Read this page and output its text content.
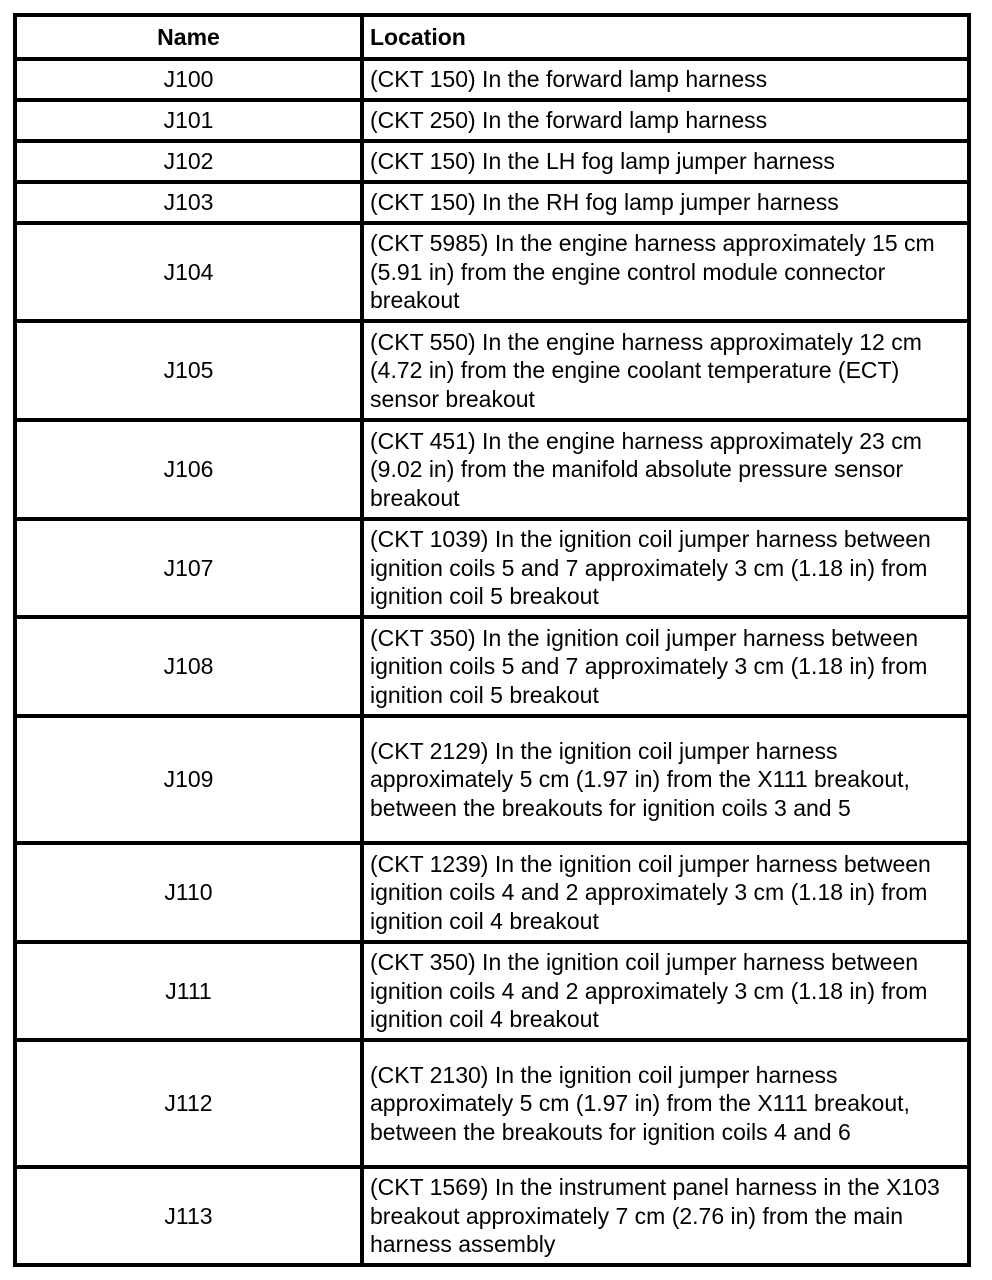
Name	Location
J100	(CKT 150) In the forward lamp harness
J101	(CKT 250) In the forward lamp harness
J102	(CKT 150) In the LH fog lamp jumper harness
J103	(CKT 150) In the RH fog lamp jumper harness
J104	(CKT 5985) In the engine harness approximately 15 cm (5.91 in) from the engine control module connector breakout
J105	(CKT 550) In the engine harness approximately 12 cm (4.72 in) from the engine coolant temperature (ECT) sensor breakout
J106	(CKT 451) In the engine harness approximately 23 cm (9.02 in) from the manifold absolute pressure sensor breakout
J107	(CKT 1039) In the ignition coil jumper harness between ignition coils 5 and 7 approximately 3 cm (1.18 in) from ignition coil 5 breakout
J108	(CKT 350) In the ignition coil jumper harness between ignition coils 5 and 7 approximately 3 cm (1.18 in) from ignition coil 5 breakout
J109	(CKT 2129) In the ignition coil jumper harness approximately 5 cm (1.97 in) from the X111 breakout, between the breakouts for ignition coils 3 and 5
J110	(CKT 1239) In the ignition coil jumper harness between ignition coils 4 and 2 approximately 3 cm (1.18 in) from ignition coil 4 breakout
J111	(CKT 350) In the ignition coil jumper harness between ignition coils 4 and 2 approximately 3 cm (1.18 in) from ignition coil 4 breakout
J112	(CKT 2130) In the ignition coil jumper harness approximately 5 cm (1.97 in) from the X111 breakout, between the breakouts for ignition coils 4 and 6
J113	(CKT 1569) In the instrument panel harness in the X103 breakout approximately 7 cm (2.76 in) from the main harness assembly
